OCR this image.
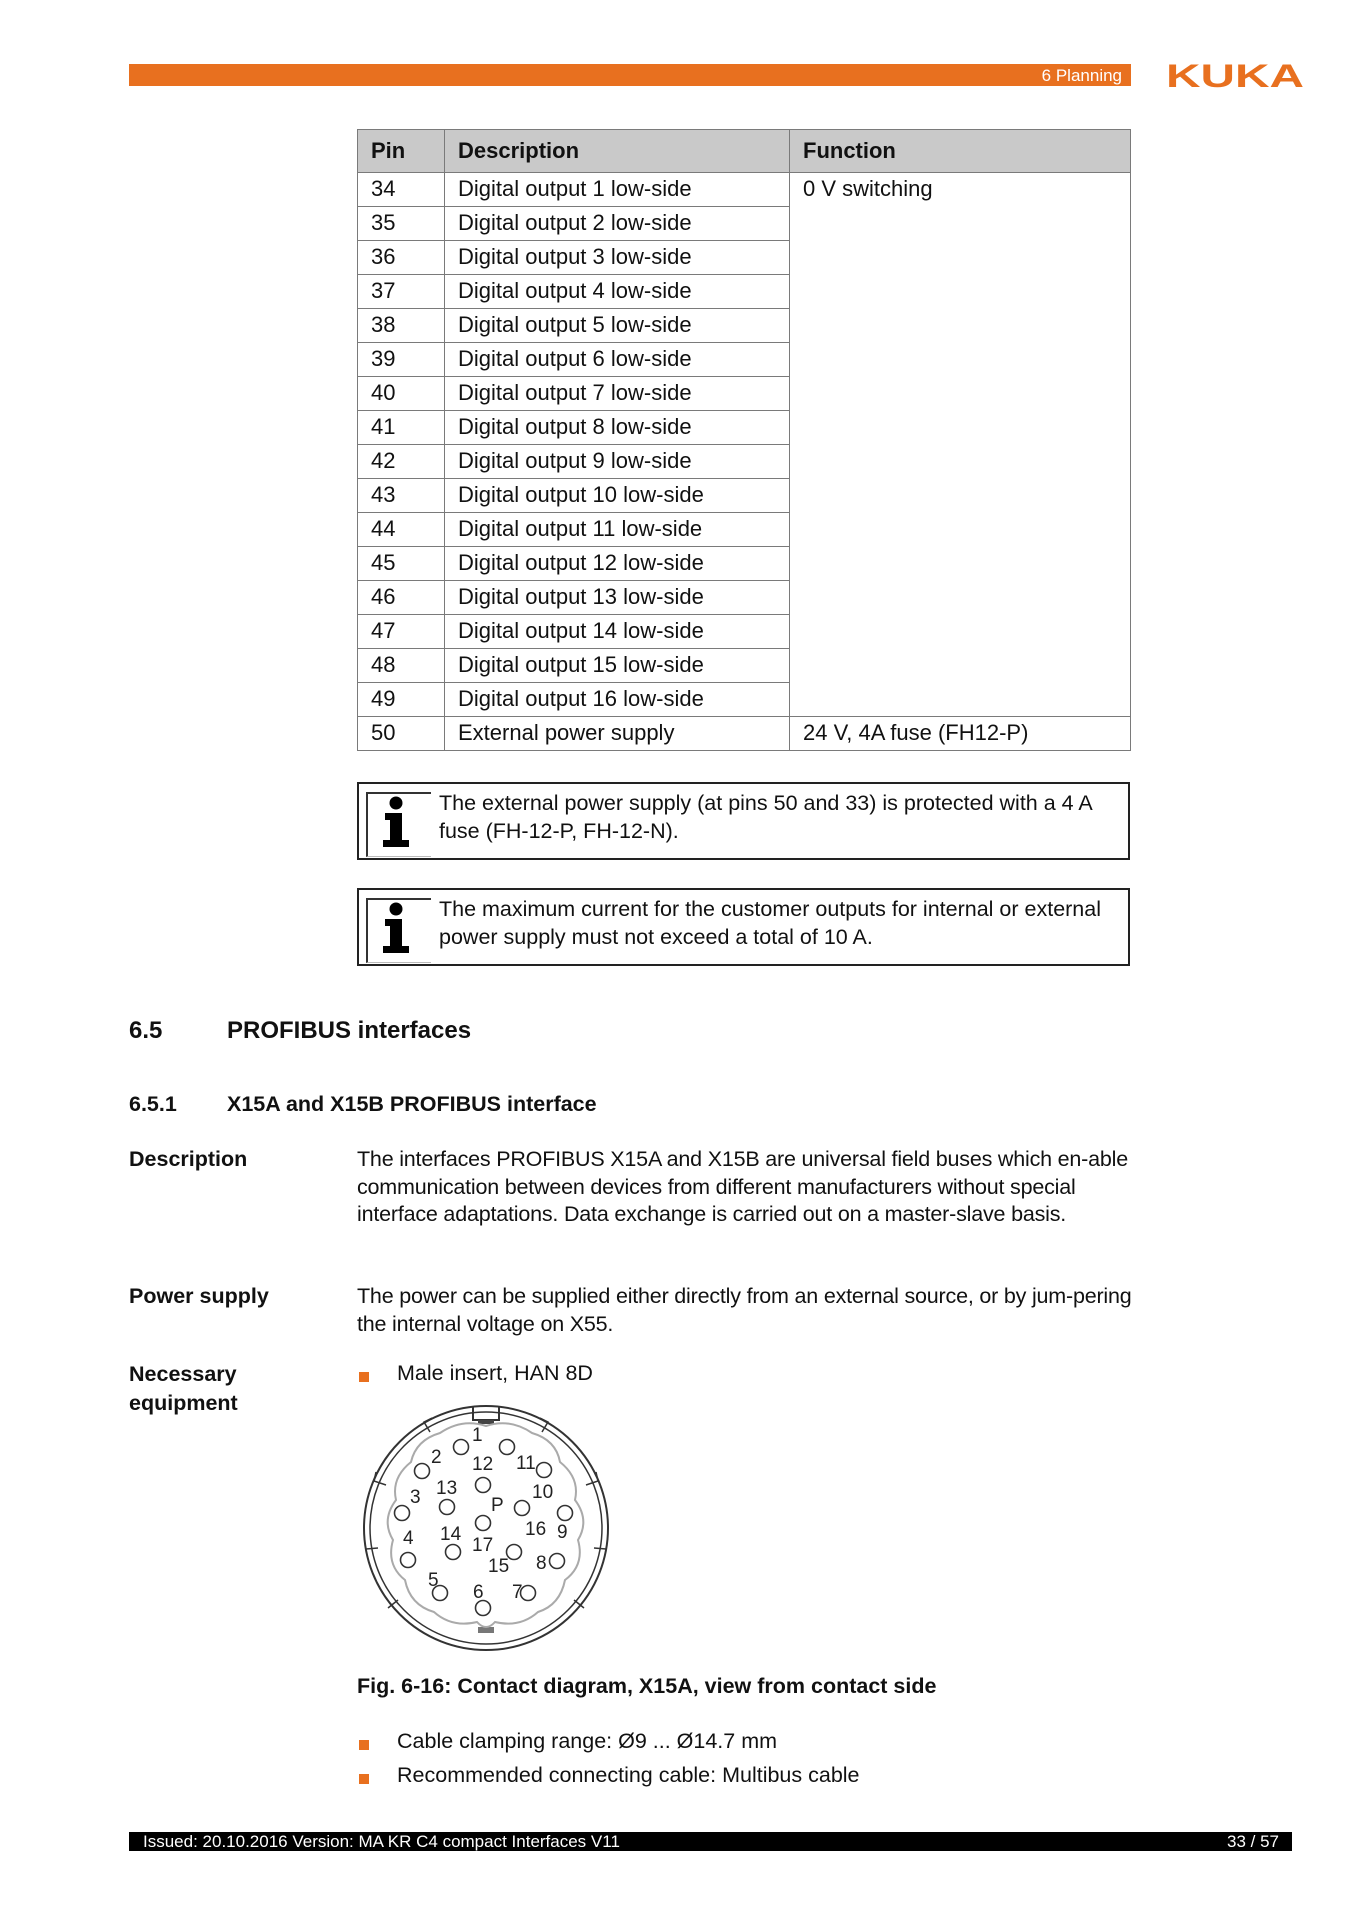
6 Planning KUKA
Pin	Description	Function
34	Digital output 1 low-side	0 V switching
35	Digital output 2 low-side	
36	Digital output 3 low-side	
37	Digital output 4 low-side	
38	Digital output 5 low-side	
39	Digital output 6 low-side	
40	Digital output 7 low-side	
41	Digital output 8 low-side	
42	Digital output 9 low-side	
43	Digital output 10 low-side	
44	Digital output 11 low-side	
45	Digital output 12 low-side	
46	Digital output 13 low-side	
47	Digital output 14 low-side	
48	Digital output 15 low-side	
49	Digital output 16 low-side	
50	External power supply	24 V, 4A fuse (FH12-P)
The external power supply (at pins 50 and 33) is protected with a 4 A fuse (FH-12-P, FH-12-N).
The maximum current for the customer outputs for internal or external power supply must not exceed a total of 10 A.
6.5	PROFIBUS interfaces
6.5.1 X15A and X15B PROFIBUS interface
Description	The interfaces PROFIBUS X15A and X15B are universal field buses which en-able communication between devices from different manufacturers without special interface adaptations. Data exchange is carried out on a master-slave basis.
Power supply	The power can be supplied either directly from an external source, or by jum-pering the internal voltage on X55.
Necessary
equipment
Male insert, HAN 8D
1
2
3
4
5
6 7
8
9
10
11
12
13
14
15
16
17
P
Fig. 6-16: Contact diagram, X15A, view from contact side
Cable clamping range: Ø9 ... Ø14.7 mm
Recommended connecting cable: Multibus cable
Issued: 20.10.2016 Version: MA KR C4 compact Interfaces V11	33 / 57
